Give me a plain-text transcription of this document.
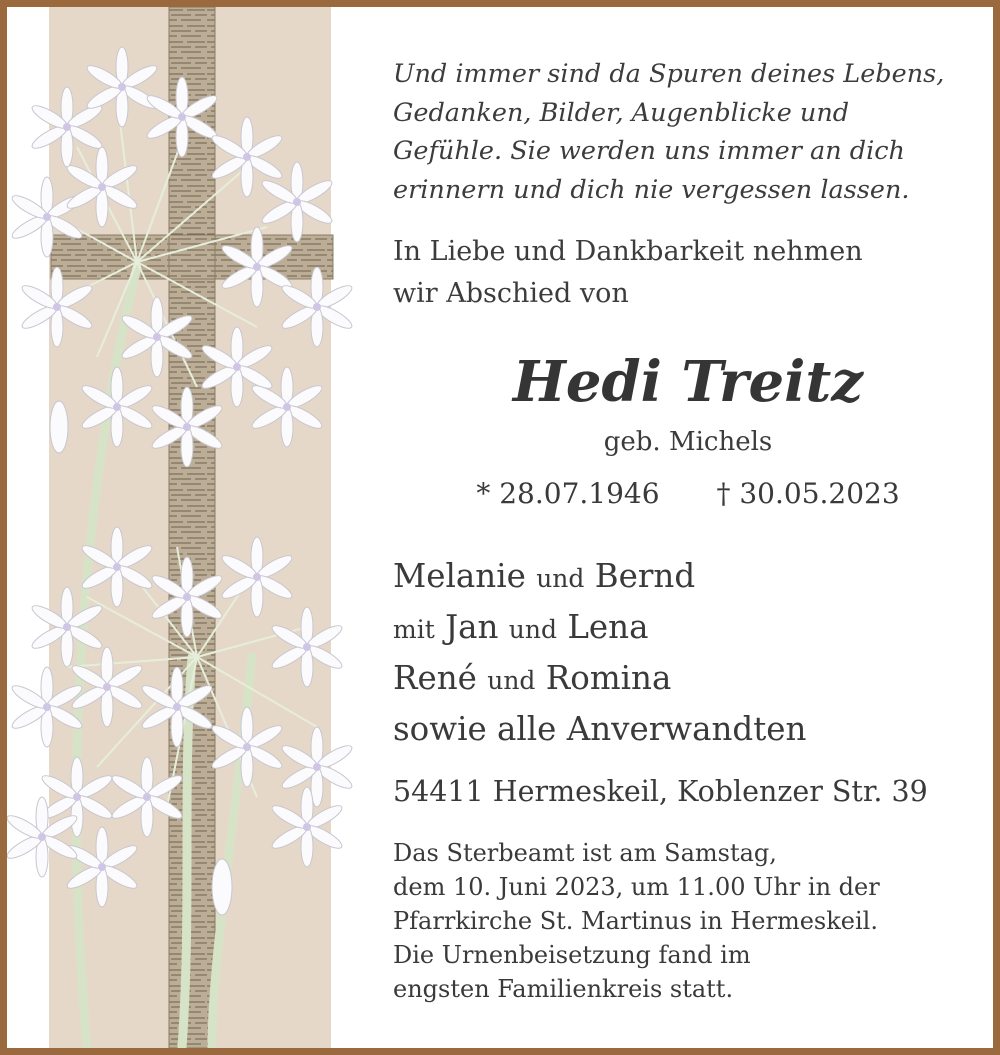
Und immer sind da Spuren deines Lebens,
Gedanken, Bilder, Augenblicke und
Gefühle. Sie werden uns immer an dich
erinnern und dich nie vergessen lassen.
In Liebe und Dankbarkeit nehmen
wir Abschied von
Hedi Treitz
geb. Michels
* 28.07.1946 † 30.05.2023
Melanie und Bernd
mit Jan und Lena
René und Romina
sowie alle Anverwandten
54411 Hermeskeil, Koblenzer Str. 39
Das Sterbeamt ist am Samstag,
dem 10. Juni 2023, um 11.00 Uhr in der
Pfarrkirche St. Martinus in Hermeskeil.
Die Urnenbeisetzung fand im
engsten Familienkreis statt.
